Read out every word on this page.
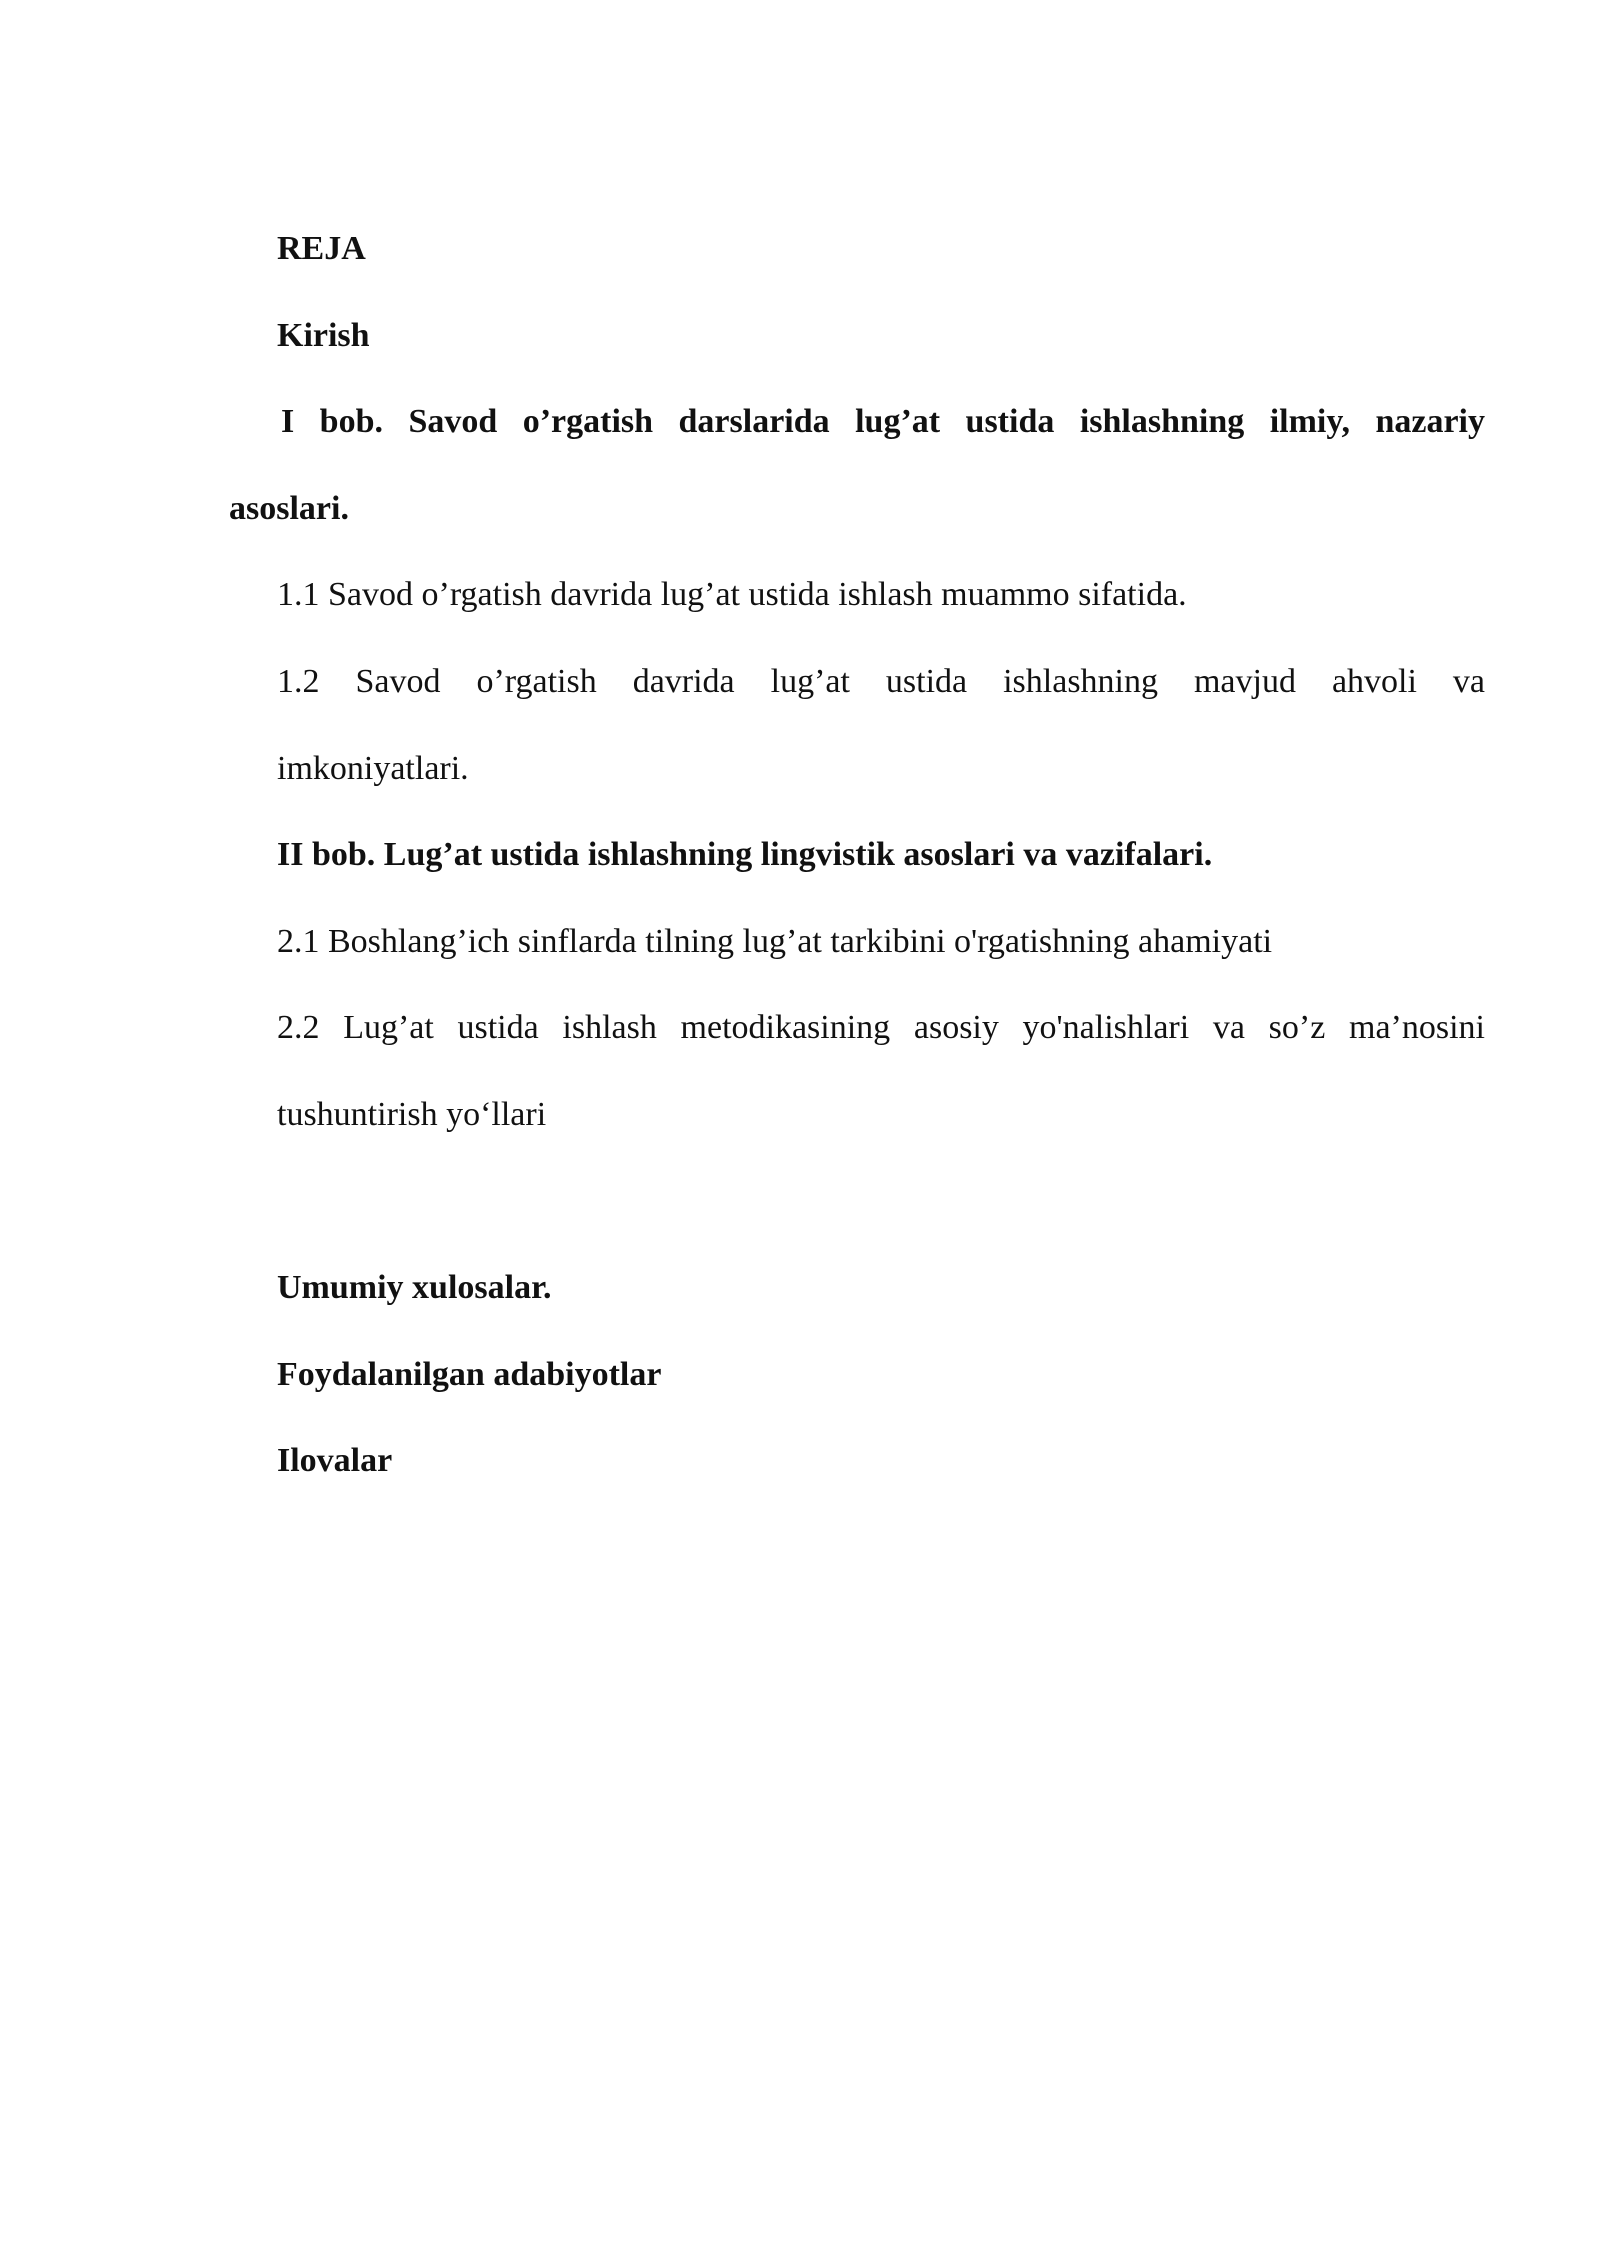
REJA
Kirish
I bob. Savod o’rgatish darslarida lug’at ustida ishlashning ilmiy, nazariy
asoslari.
1.1 Savod o’rgatish davrida lug’at ustida ishlash muammo sifatida.
1.2 Savod o’rgatish davrida lug’at ustida ishlashning mavjud ahvoli va
imkoniyatlari.
II bob. Lug’at ustida ishlashning lingvistik asoslari va vazifalari.
2.1 Boshlang’ich sinflarda tilning lug’at tarkibini o'rgatishning ahamiyati
2.2 Lug’at ustida ishlash metodikasining asosiy yo'nalishlari va so’z ma’nosini
tushuntirish yo‘llari
Umumiy xulosalar.
Foydalanilgan adabiyotlar
Ilovalar
